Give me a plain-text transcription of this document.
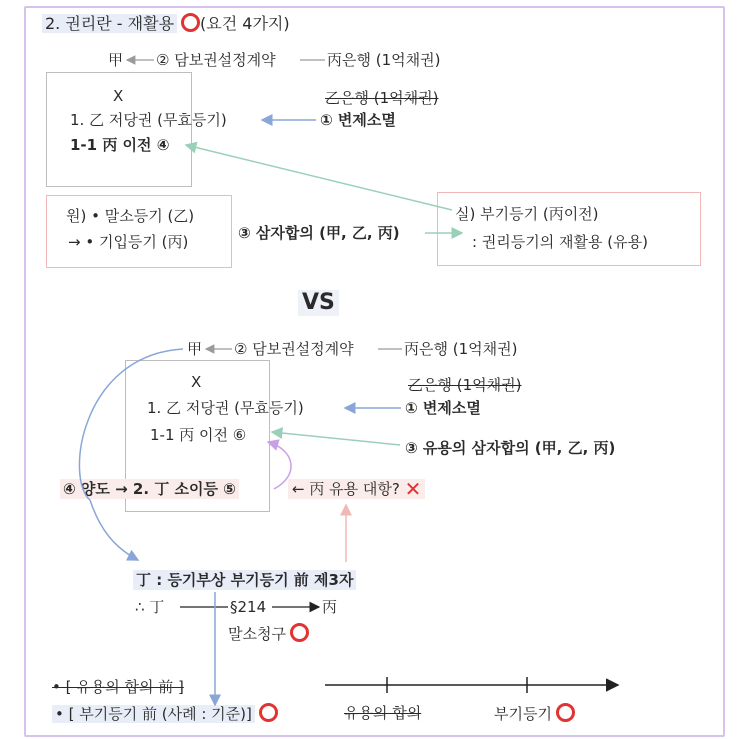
2. 권리란 - 재활용 ○(요건 4가지)
甲 ② 담보권설정계약	丙은행 (1억채권)
X
1. 乙 저당권 (무효등기)
1-1 丙 이전 ④
乙은행 (1억채권)
① 변제소멸
원) • 말소등기 (乙)
→ • 기입등기 (丙)	③ 삼자합의 (甲, 乙, 丙)
실) 부기등기 (丙이전)
: 권리등기의 재활용 (유용)
VS
甲 ② 담보권설정계약	丙은행 (1억채권)
X
1. 乙 저당권 (무효등기)
1-1 丙 이전 ⑥
乙은행 (1억채권)
① 변제소멸
③ 유용의 삼자합의 (甲, 乙, 丙)
④ 양도 → 2. 丁 소이등 ⑤	← 丙 유용 대항? ✕
丁 : 등기부상 부기등기 前 제3자
∴ 丁	§214	丙
말소청구
• [ 유용의 합의 前 ]
• [ 부기등기 前 (사례 : 기준)]	유용의 합의	부기등기
